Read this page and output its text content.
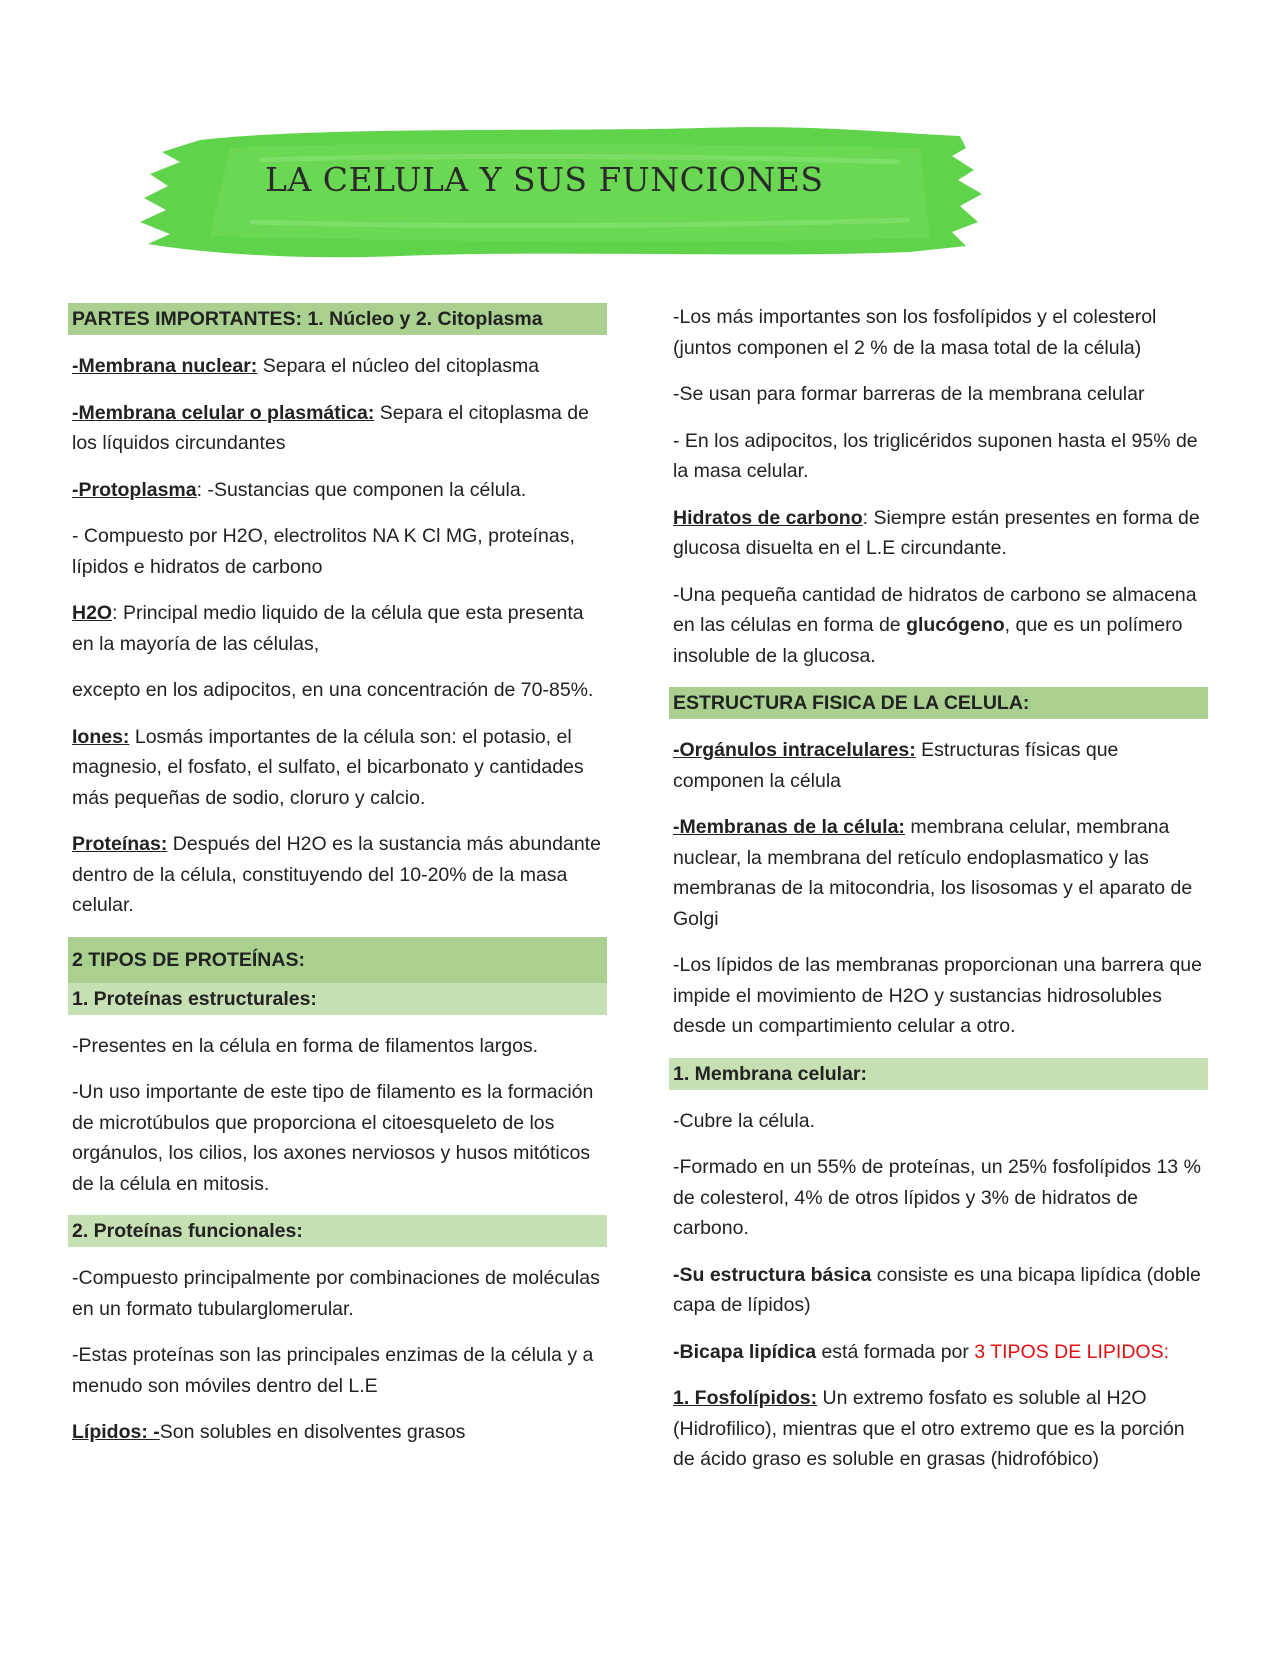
LA CELULA Y SUS FUNCIONES
PARTES IMPORTANTES: 1. Núcleo y 2. Citoplasma

-Membrana nuclear: Separa el núcleo del citoplasma

-Membrana celular o plasmática: Separa el citoplasma de los líquidos circundantes

-Protoplasma: -Sustancias que componen la célula.

- Compuesto por H2O, electrolitos NA K Cl MG, proteínas, lípidos e hidratos de carbono

H2O: Principal medio liquido de la célula que esta presenta en la mayoría de las células,

excepto en los adipocitos, en una concentración de 70-85%.

Iones: Losmás importantes de la célula son: el potasio, el magnesio, el fosfato, el sulfato, el bicarbonato y cantidades más pequeñas de sodio, cloruro y calcio.

Proteínas: Después del H2O es la sustancia más abundante dentro de la célula, constituyendo del 10-20% de la masa celular.

2 TIPOS DE PROTEÍNAS:
1. Proteínas estructurales:

-Presentes en la célula en forma de filamentos largos.

-Un uso importante de este tipo de filamento es la formación de microtúbulos que proporciona el citoesqueleto de los orgánulos, los cilios, los axones nerviosos y husos mitóticos de la célula en mitosis.

2. Proteínas funcionales:

-Compuesto principalmente por combinaciones de moléculas en un formato tubularglomerular.

-Estas proteínas son las principales enzimas de la célula y a menudo son móviles dentro del L.E

Lípidos: -Son solubles en disolventes grasos

-Los más importantes son los fosfolípidos y el colesterol (juntos componen el 2 % de la masa total de la célula)

-Se usan para formar barreras de la membrana celular

- En los adipocitos, los triglicéridos suponen hasta el 95% de la masa celular.

Hidratos de carbono: Siempre están presentes en forma de glucosa disuelta en el L.E circundante.

-Una pequeña cantidad de hidratos de carbono se almacena en las células en forma de glucógeno, que es un polímero insoluble de la glucosa.

ESTRUCTURA FISICA DE LA CELULA:

-Orgánulos intracelulares: Estructuras físicas que componen la célula

-Membranas de la célula: membrana celular, membrana nuclear, la membrana del retículo endoplasmatico y las membranas de la mitocondria, los lisosomas y el aparato de Golgi

-Los lípidos de las membranas proporcionan una barrera que impide el movimiento de H2O y sustancias hidrosolubles desde un compartimiento celular a otro.

1. Membrana celular:

-Cubre la célula.

-Formado en un 55% de proteínas, un 25% fosfolípidos 13 % de colesterol, 4% de otros lípidos y 3% de hidratos de carbono.

-Su estructura básica consiste es una bicapa lipídica (doble capa de lípidos)

-Bicapa lipídica está formada por 3 TIPOS DE LIPIDOS:

1. Fosfolípidos: Un extremo fosfato es soluble al H2O (Hidrofilico), mientras que el otro extremo que es la porción de ácido graso es soluble en grasas (hidrofóbico)
